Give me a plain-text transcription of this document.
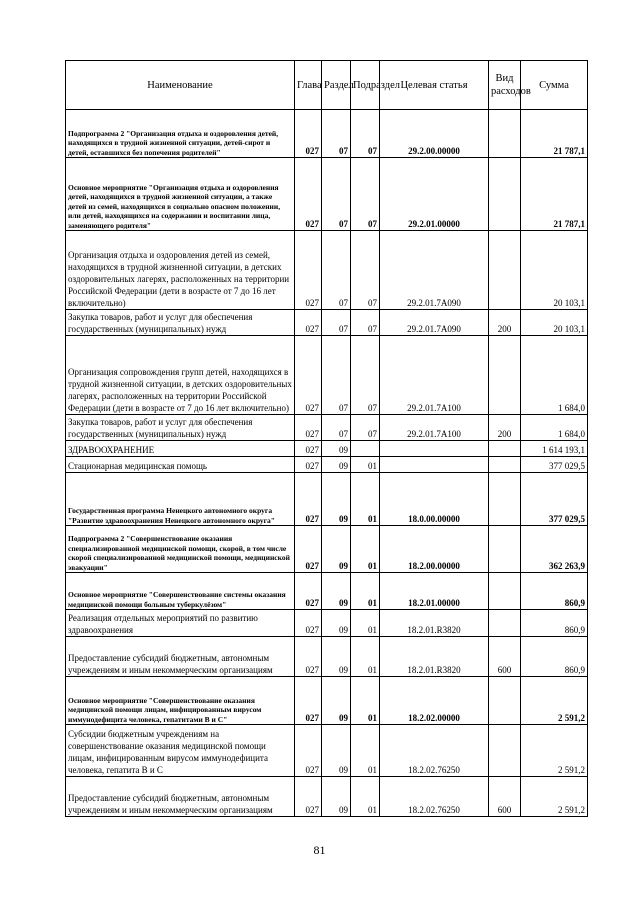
Наименование	Глава	Раздел	Подраздел	Целевая статья	Вид расходов	Сумма
Подпрограмма 2 "Организация отдыха и оздоровления детей, находящихся в трудной жизненной ситуации, детей-сирот и детей, оставшихся без попечения родителей"	027	07	07	29.2.00.00000		21 787,1
Основное мероприятие "Организация отдыха и оздоровления детей, находящихся в трудной жизненной ситуации, а также детей из семей, находящихся в социально опасном положении, или детей, находящихся на содержании и воспитании лица, заменяющего родителя"	027	07	07	29.2.01.00000		21 787,1
Организация отдыха и оздоровления детей из семей, находящихся в трудной жизненной ситуации, в детских оздоровительных лагерях, расположенных на территории Российской Федерации (дети в возрасте от 7 до 16 лет включительно)	027	07	07	29.2.01.7А090		20 103,1
Закупка товаров, работ и услуг для обеспечения государственных (муниципальных) нужд	027	07	07	29.2.01.7А090	200	20 103,1
Организация сопровождения групп детей, находящихся в трудной жизненной ситуации, в детских оздоровительных лагерях, расположенных на территории Российской Федерации (дети в возрасте от 7 до 16 лет включительно)	027	07	07	29.2.01.7А100		1 684,0
Закупка товаров, работ и услуг для обеспечения государственных (муниципальных) нужд	027	07	07	29.2.01.7А100	200	1 684,0
ЗДРАВООХРАНЕНИЕ	027	09				1 614 193,1
Стационарная медицинская помощь	027	09	01			377 029,5
Государственная программа Ненецкого автономного округа "Развитие здравоохранения Ненецкого автономного округа"	027	09	01	18.0.00.00000		377 029,5
Подпрограмма 2 "Совершенствование оказания специализированной медицинской помощи, скорой, в том числе скорой специализированной медицинской помощи, медицинской эвакуации"	027	09	01	18.2.00.00000		362 263,9
Основное мероприятие "Совершенствование системы оказания медицинской помощи больным туберкулёзом"	027	09	01	18.2.01.00000		860,9
Реализация отдельных мероприятий по развитию здравоохранения	027	09	01	18.2.01.R3820		860,9
Предоставление субсидий бюджетным, автономным учреждениям и иным некоммерческим организациям	027	09	01	18.2.01.R3820	600	860,9
Основное мероприятие "Совершенствование оказания медицинской помощи лицам, инфицированным вирусом иммунодефицита человека, гепатитами В и С"	027	09	01	18.2.02.00000		2 591,2
Субсидии бюджетным учреждениям на совершенствование оказания медицинской помощи лицам, инфицированным вирусом иммунодефицита человека, гепатита В и С	027	09	01	18.2.02.76250		2 591,2
Предоставление субсидий бюджетным, автономным учреждениям и иным некоммерческим организациям	027	09	01	18.2.02.76250	600	2 591,2
81
